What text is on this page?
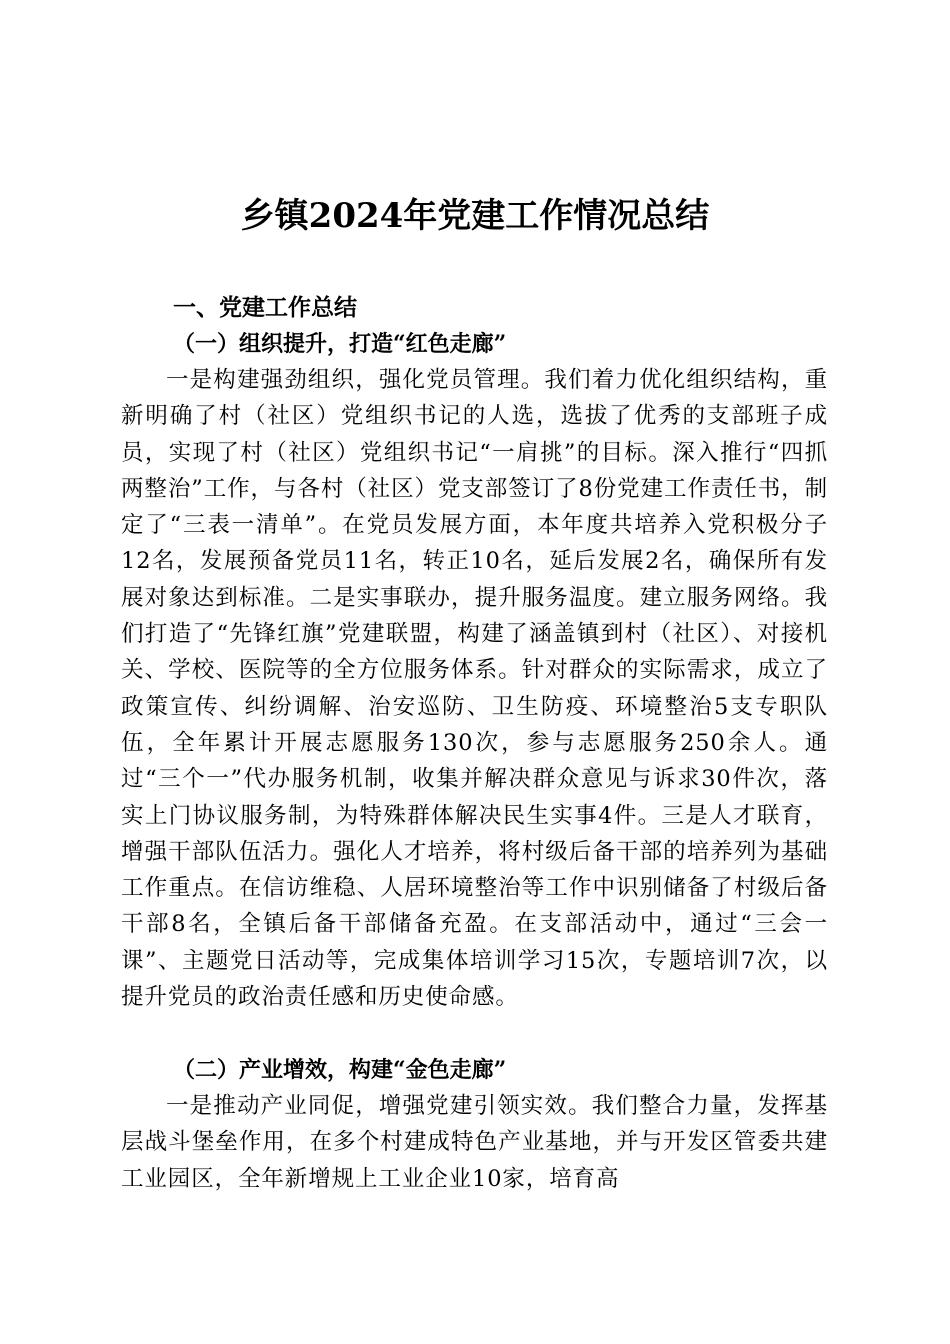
乡镇2024年党建工作情况总结
一、党建工作总结
（一）组织提升，打造“红色走廊”

一是构建强劲组织，强化党员管理。我们着力优化组织结构，重新明确了村（社区）党组织书记的人选，选拔了优秀的支部班子成员，实现了村（社区）党组织书记“一肩挑”的目标。深入推行“四抓两整治”工作，与各村（社区）党支部签订了8份党建工作责任书，制定了“三表一清单”。在党员发展方面，本年度共培养入党积极分子12名，发展预备党员11名，转正10名，延后发展2名，确保所有发展对象达到标准。二是实事联办，提升服务温度。建立服务网络。我们打造了“先锋红旗”党建联盟，构建了涵盖镇到村（社区）、对接机关、学校、医院等的全方位服务体系。针对群众的实际需求，成立了政策宣传、纠纷调解、治安巡防、卫生防疫、环境整治5支专职队伍，全年累计开展志愿服务130次，参与志愿服务250余人。通过“三个一”代办服务机制，收集并解决群众意见与诉求30件次，落实上门协议服务制，为特殊群体解决民生实事4件。三是人才联育，增强干部队伍活力。强化人才培养，将村级后备干部的培养列为基础工作重点。在信访维稳、人居环境整治等工作中识别储备了村级后备干部8名，全镇后备干部储备充盈。在支部活动中，通过“三会一课”、主题党日活动等，完成集体培训学习15次，专题培训7次，以提升党员的政治责任感和历史使命感。

（二）产业增效，构建“金色走廊”

一是推动产业同促，增强党建引领实效。我们整合力量，发挥基层战斗堡垒作用，在多个村建成特色产业基地，并与开发区管委共建工业园区，全年新增规上工业企业10家，培育高
